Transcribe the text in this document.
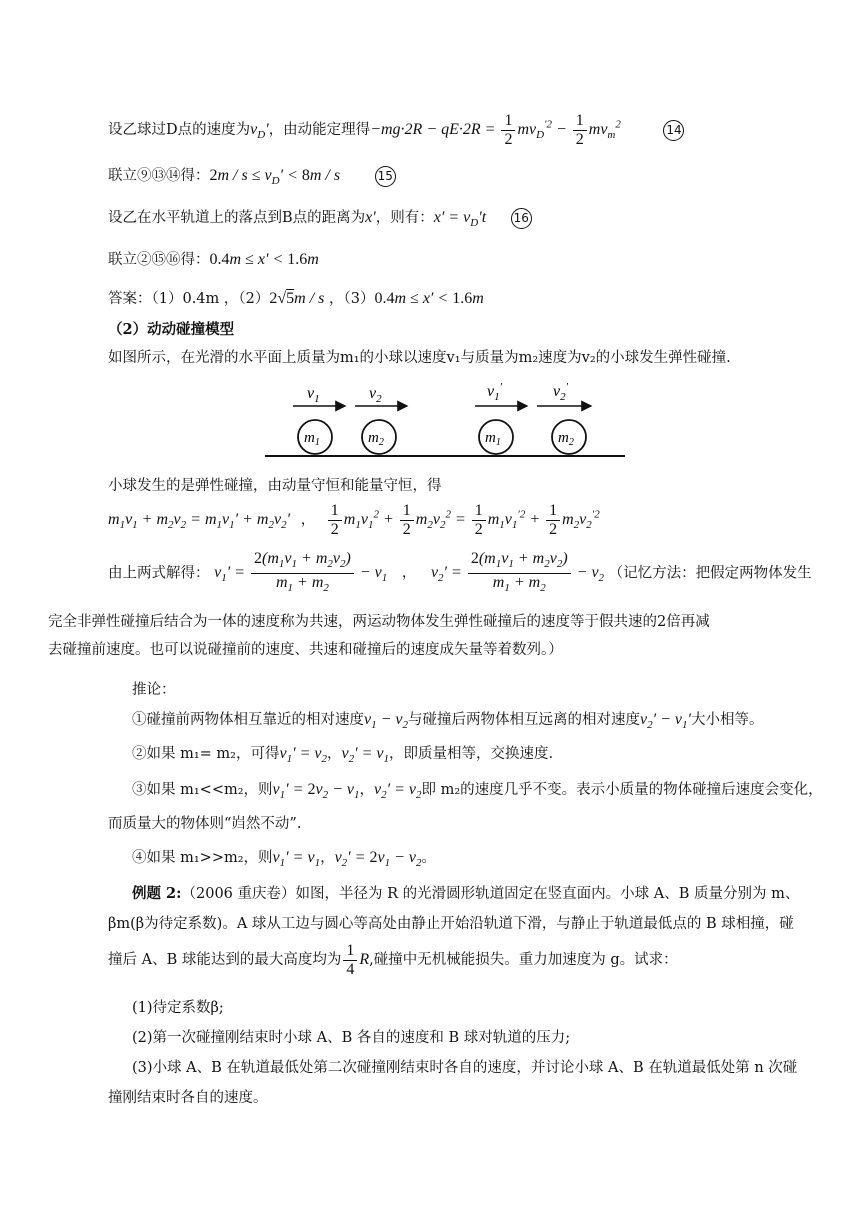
设乙球过D点的速度为$v_D'$，由动能定理得$-mg\cdot 2R - qE\cdot 2R = \frac{1}{2} mv_D^{'2} - \frac{1}{2} mv_m^2$	14
联立⑨⑬⑭得：$2m / s \le v_D' < 8m / s$	15
设乙在水平轨道上的落点到B点的距离为x′，则有：$x' = v_D't$ 16
联立②⑮⑯得：0.4m ≤ x′ < 1.6m
答案：（1）0.4m ，（2）2√5m / s ，（3）0.4m ≤ x′ < 1.6m
（2）动动碰撞模型
如图所示，在光滑的水平面上质量为m₁的小球以速度v₁与质量为m₂速度为v₂的小球发生弹性碰撞.
$v_1$	$v_2$	$v_1'$	$v_2'$
$m_1$	$m_2$	$m_1$	$m_2$
小球发生的是弹性碰撞，由动量守恒和能量守恒，得
$m_1v_1 + m_2v_2 = m_1v_1' + m_2v_2'$ ， $\frac{1}{2} m_1v_1^2 + \frac{1}{2} m_2v_2^2 = \frac{1}{2} m_1v_1^{'2} + \frac{1}{2} m_2v_2^{'2}$
由上两式解得： $v_1' = \frac{2(m_1v_1 + m_2v_2)}{m_1 + m_2} - v_1$ ， $v_2' = \frac{2(m_1v_1 + m_2v_2)}{m_1 + m_2} - v_2$ （记忆方法：把假定两物体发生
完全非弹性碰撞后结合为一体的速度称为共速，两运动物体发生弹性碰撞后的速度等于假共速的2倍再减
去碰撞前速度。也可以说碰撞前的速度、共速和碰撞后的速度成矢量等着数列。）
推论：
①碰撞前两物体相互靠近的相对速度$v_1 - v_2$与碰撞后两物体相互远离的相对速度$v_2' - v_1'$大小相等。
②如果 m₁= m₂，可得$v_1' = v_2$，$v_2' = v_1$，即质量相等，交换速度.
③如果 m₁<<m₂，则$v_1' = 2v_2 - v_1$，$v_2' = v_2$即 m₂的速度几乎不变。表示小质量的物体碰撞后速度会变化，
而质量大的物体则“岿然不动”.
④如果 m₁>>m₂，则$v_1' = v_1$，$v_2' = 2v_1 - v_2$。
例题 2:（2006 重庆卷）如图，半径为 R 的光滑圆形轨道固定在竖直面内。小球 A、B 质量分别为 m、
βm(β为待定系数)。A 球从工边与圆心等高处由静止开始沿轨道下滑，与静止于轨道最低点的 B 球相撞，碰
撞后 A、B 球能达到的最大高度均为 $\frac{1}{4} R$,碰撞中无机械能损失。重力加速度为 g。试求：
(1)待定系数β;
(2)第一次碰撞刚结束时小球 A、B 各自的速度和 B 球对轨道的压力;
(3)小球 A、B 在轨道最低处第二次碰撞刚结束时各自的速度，并讨论小球 A、B 在轨道最低处第 n 次碰
撞刚结束时各自的速度。
